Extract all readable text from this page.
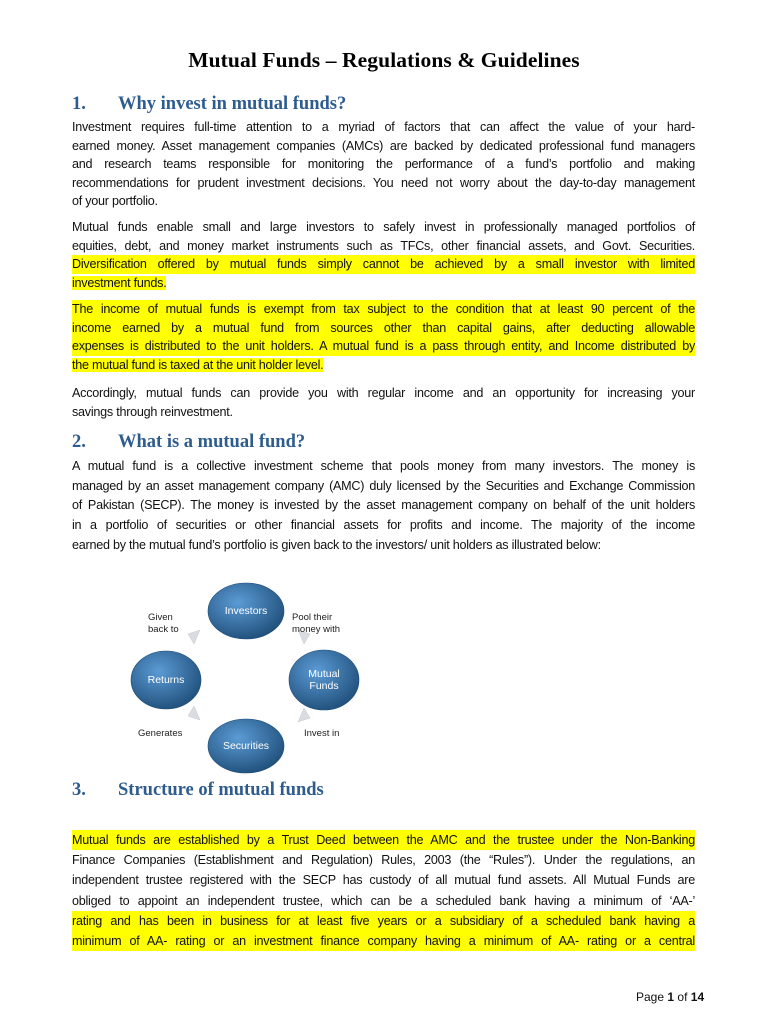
Mutual Funds – Regulations & Guidelines
1. Why invest in mutual funds?
Investment requires full-time attention to a myriad of factors that can affect the value of your hard-
earned money. Asset management companies (AMCs) are backed by dedicated professional fund managers
and research teams responsible for monitoring the performance of a fund’s portfolio and making
recommendations for prudent investment decisions. You need not worry about the day-to-day management
of your portfolio.
Mutual funds enable small and large investors to safely invest in professionally managed portfolios of
equities, debt, and money market instruments such as TFCs, other financial assets, and Govt. Securities.
Diversification offered by mutual funds simply cannot be achieved by a small investor with limited
investment funds.
The income of mutual funds is exempt from tax subject to the condition that at least 90 percent of the
income earned by a mutual fund from sources other than capital gains, after deducting allowable
expenses is distributed to the unit holders. A mutual fund is a pass through entity, and Income distributed by
the mutual fund is taxed at the unit holder level.
Accordingly, mutual funds can provide you with regular income and an opportunity for increasing your
savings through reinvestment.
2. What is a mutual fund?
A mutual fund is a collective investment scheme that pools money from many investors. The money is
managed by an asset management company (AMC) duly licensed by the Securities and Exchange Commission
of Pakistan (SECP). The money is invested by the asset management company on behalf of the unit holders
in a portfolio of securities or other financial assets for profits and income. The majority of the income
earned by the mutual fund’s portfolio is given back to the investors/ unit holders as illustrated below:
Investors
Mutual Funds
Securities
Returns
Given back to
Pool their money with
Invest in
Generates
3. Structure of mutual funds
Mutual funds are established by a Trust Deed between the AMC and the trustee under the Non-Banking
Finance Companies (Establishment and Regulation) Rules, 2003 (the “Rules”). Under the regulations, an
independent trustee registered with the SECP has custody of all mutual fund assets. All Mutual Funds are
obliged to appoint an independent trustee, which can be a scheduled bank having a minimum of ‘AA-’
rating and has been in business for at least five years or a subsidiary of a scheduled bank having a
minimum of AA- rating or an investment finance company having a minimum of AA- rating or a central
Page 1 of 14
